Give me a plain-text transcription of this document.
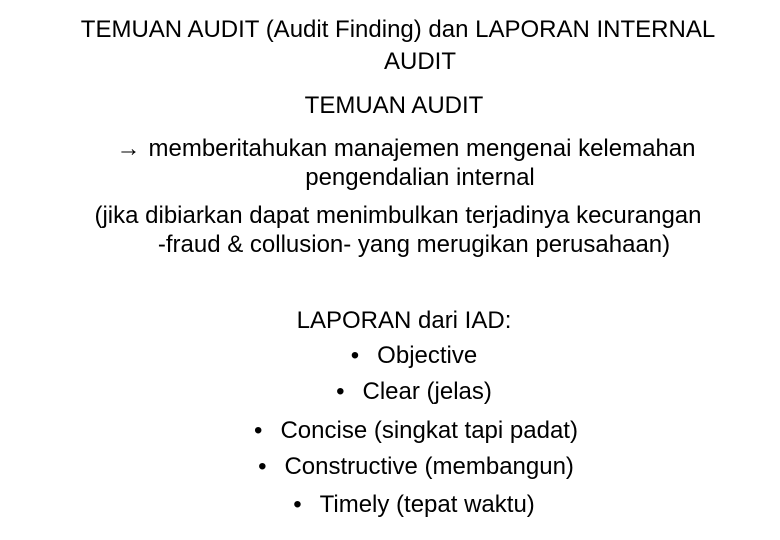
TEMUAN AUDIT (Audit Finding) dan LAPORAN INTERNAL
AUDIT
TEMUAN AUDIT
→ memberitahukan manajemen mengenai kelemahan
pengendalian internal
(jika dibiarkan dapat menimbulkan terjadinya kecurangan
-fraud & collusion- yang merugikan perusahaan)
LAPORAN dari IAD:
• Objective
• Clear (jelas)
• Concise (singkat tapi padat)
• Constructive (membangun)
• Timely (tepat waktu)
